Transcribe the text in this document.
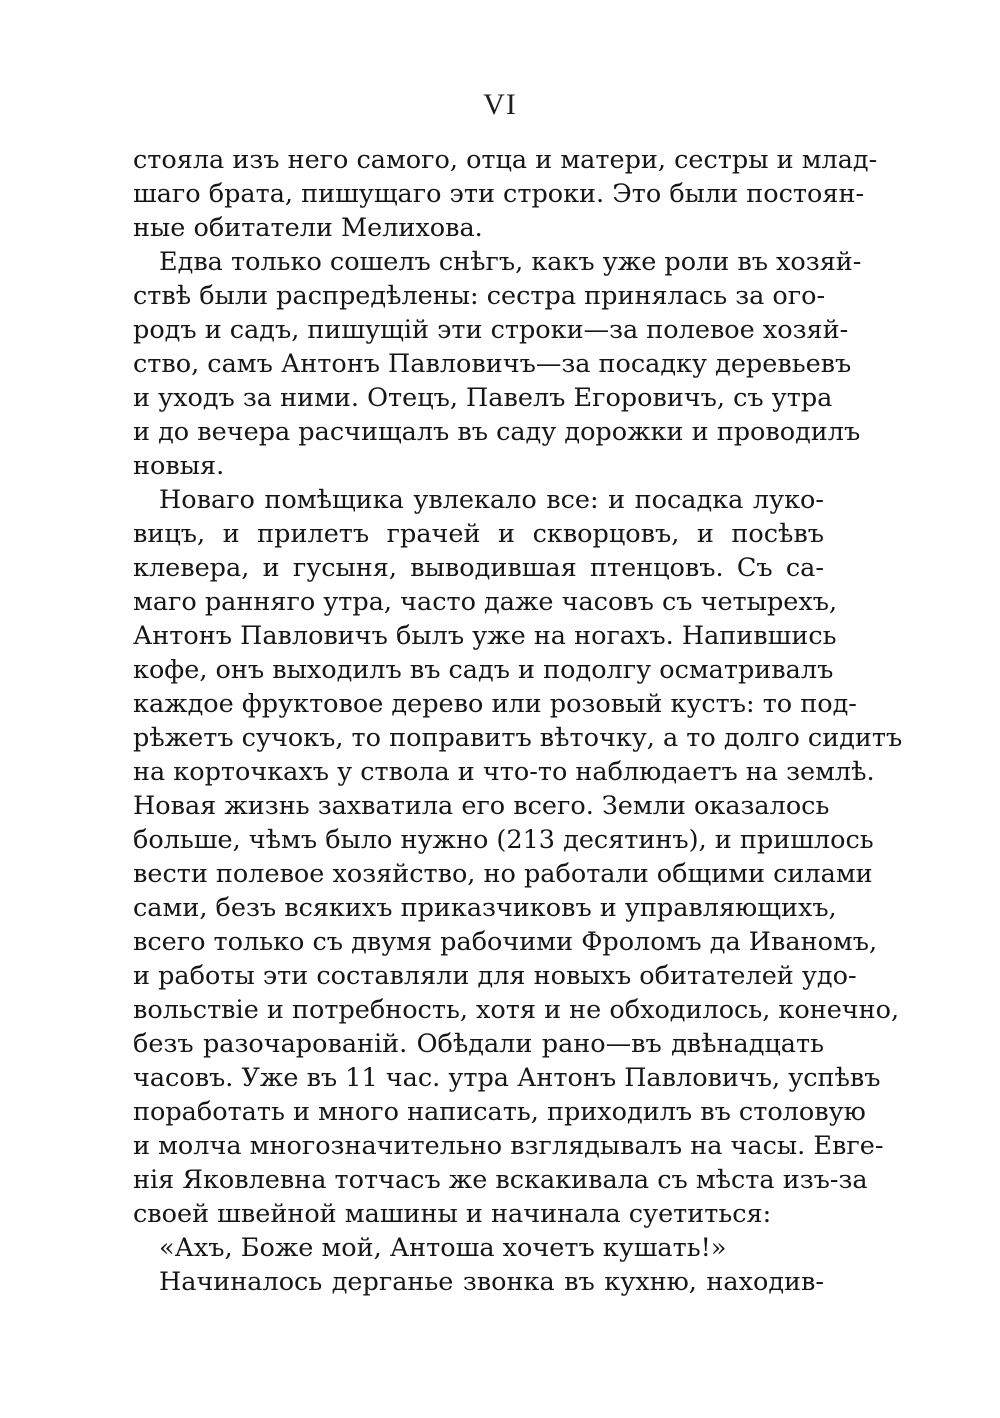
VI
стояла изъ него самого, отца и матери, сестры и млад-
шаго брата, пишущаго эти строки. Это были постоян-
ные обитатели Мелихова.
Едва только сошелъ снѣгъ, какъ уже роли въ хозяй-
ствѣ были распредѣлены: сестра принялась за ого-
родъ и садъ, пишущій эти строки—за полевое хозяй-
ство, самъ Антонъ Павловичъ—за посадку деревьевъ
и уходъ за ними. Отецъ, Павелъ Егоровичъ, съ утра
и до вечера расчищалъ въ саду дорожки и проводилъ
новыя.
Новаго помѣщика увлекало все: и посадка луко-
вицъ, и прилетъ грачей и скворцовъ, и посѣвъ
клевера, и гусыня, выводившая птенцовъ. Съ са-
маго ранняго утра, часто даже часовъ съ четырехъ,
Антонъ Павловичъ былъ уже на ногахъ. Напившись
кофе, онъ выходилъ въ садъ и подолгу осматривалъ
каждое фруктовое дерево или розовый кустъ: то под-
рѣжетъ сучокъ, то поправитъ вѣточку, а то долго сидитъ
на корточкахъ у ствола и что-то наблюдаетъ на землѣ.
Новая жизнь захватила его всего. Земли оказалось
больше, чѣмъ было нужно (213 десятинъ), и пришлось
вести полевое хозяйство, но работали общими силами
сами, безъ всякихъ приказчиковъ и управляющихъ,
всего только съ двумя рабочими Фроломъ да Иваномъ,
и работы эти составляли для новыхъ обитателей удо-
вольствіе и потребность, хотя и не обходилось, конечно,
безъ разочарованій. Обѣдали рано—въ двѣнадцать
часовъ. Уже въ 11 час. утра Антонъ Павловичъ, успѣвъ
поработать и много написать, приходилъ въ столовую
и молча многозначительно взглядывалъ на часы. Евге-
нія Яковлевна тотчасъ же вскакивала съ мѣста изъ-за
своей швейной машины и начинала суетиться:
«Ахъ, Боже мой, Антоша хочетъ кушать!»
Начиналось дерганье звонка въ кухню, находив-
